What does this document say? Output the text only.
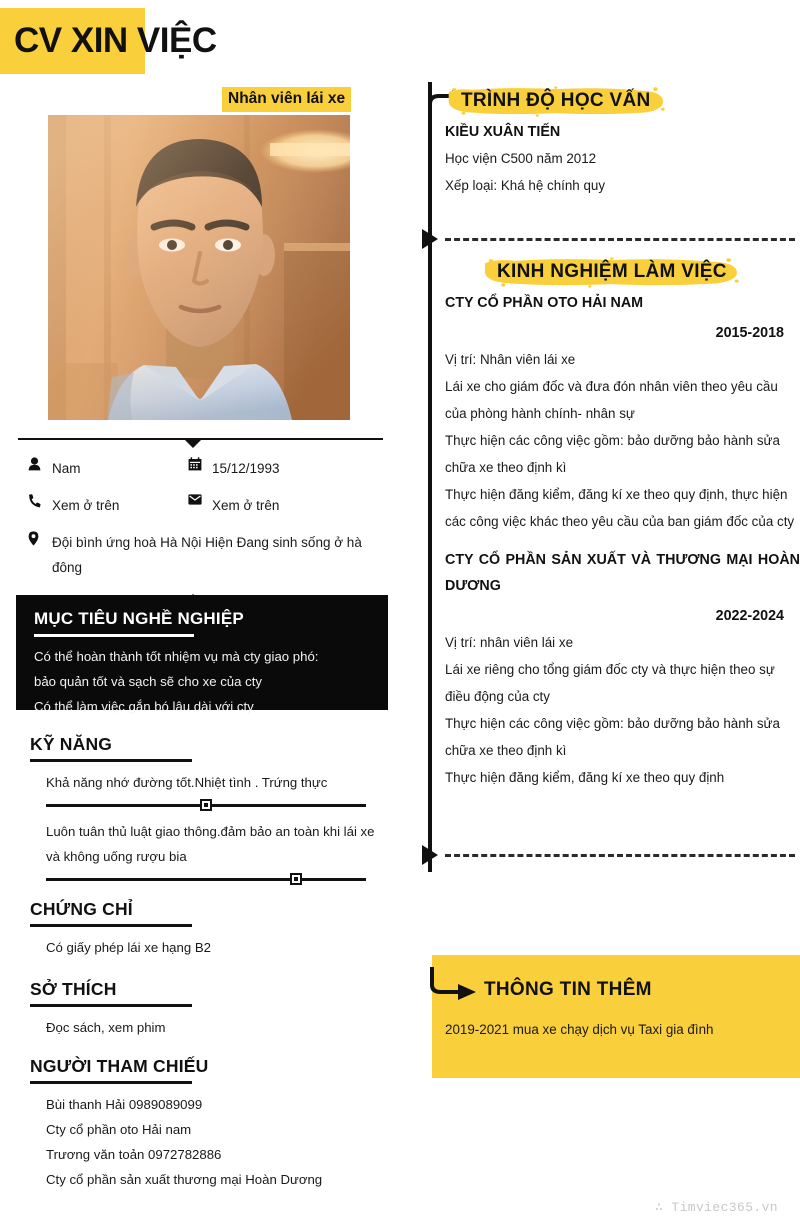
CV XIN VIỆC
Nhân viên lái xe
Nam	15/12/1993
Xem ở trên	Xem ở trên
Đội bình ứng hoà Hà Nội Hiện Đang sinh sống ở hà đông
MỤC TIÊU NGHỀ NGHIỆP
Có thể hoàn thành tốt nhiệm vụ mà cty giao phó:
bảo quản tốt và sạch sẽ cho xe của cty
Có thể làm việc gắn bó lâu dài với cty
KỸ NĂNG
Khả năng nhớ đường tốt.Nhiệt tình . Trứng thực
Luôn tuân thủ luật giao thông.đảm bảo an toàn khi lái xe và không uống rượu bia
CHỨNG CHỈ
Có giấy phép lái xe hạng B2
SỞ THÍCH
Đọc sách, xem phim
NGƯỜI THAM CHIẾU
Bùi thanh Hải 0989089099
Cty cổ phần oto Hải nam
Trương văn toản 0972782886
Cty cổ phần sản xuất thương mại Hoàn Dương
TRÌNH ĐỘ HỌC VẤN
KIỀU XUÂN TIẾN
Học viện C500 năm 2012
Xếp loại: Khá hệ chính quy
KINH NGHIỆM LÀM VIỆC
CTY CỔ PHẦN OTO HẢI NAM
2015-2018
Vị trí: Nhân viên lái xe
Lái xe cho giám đốc và đưa đón nhân viên theo yêu cầu của phòng hành chính- nhân sự
Thực hiện các công việc gồm: bảo dưỡng bảo hành sửa chữa xe theo định kì
Thực hiện đăng kiểm, đăng kí xe theo quy định, thực hiện các công việc khác theo yêu cầu của ban giám đốc của cty
CTY CỔ PHẦN SẢN XUẤT VÀ THƯƠNG MẠI HOÀN DƯƠNG
2022-2024
Vị trí: nhân viên lái xe
Lái xe riêng cho tổng giám đốc cty và thực hiện theo sự điều động của cty
Thực hiện các công việc gồm: bảo dưỡng bảo hành sửa chữa xe theo định kì
Thực hiện đăng kiểm, đăng kí xe theo quy định
THÔNG TIN THÊM
2019-2021 mua xe chạy dịch vụ Taxi gia đình
∴ Timviec365.vn
